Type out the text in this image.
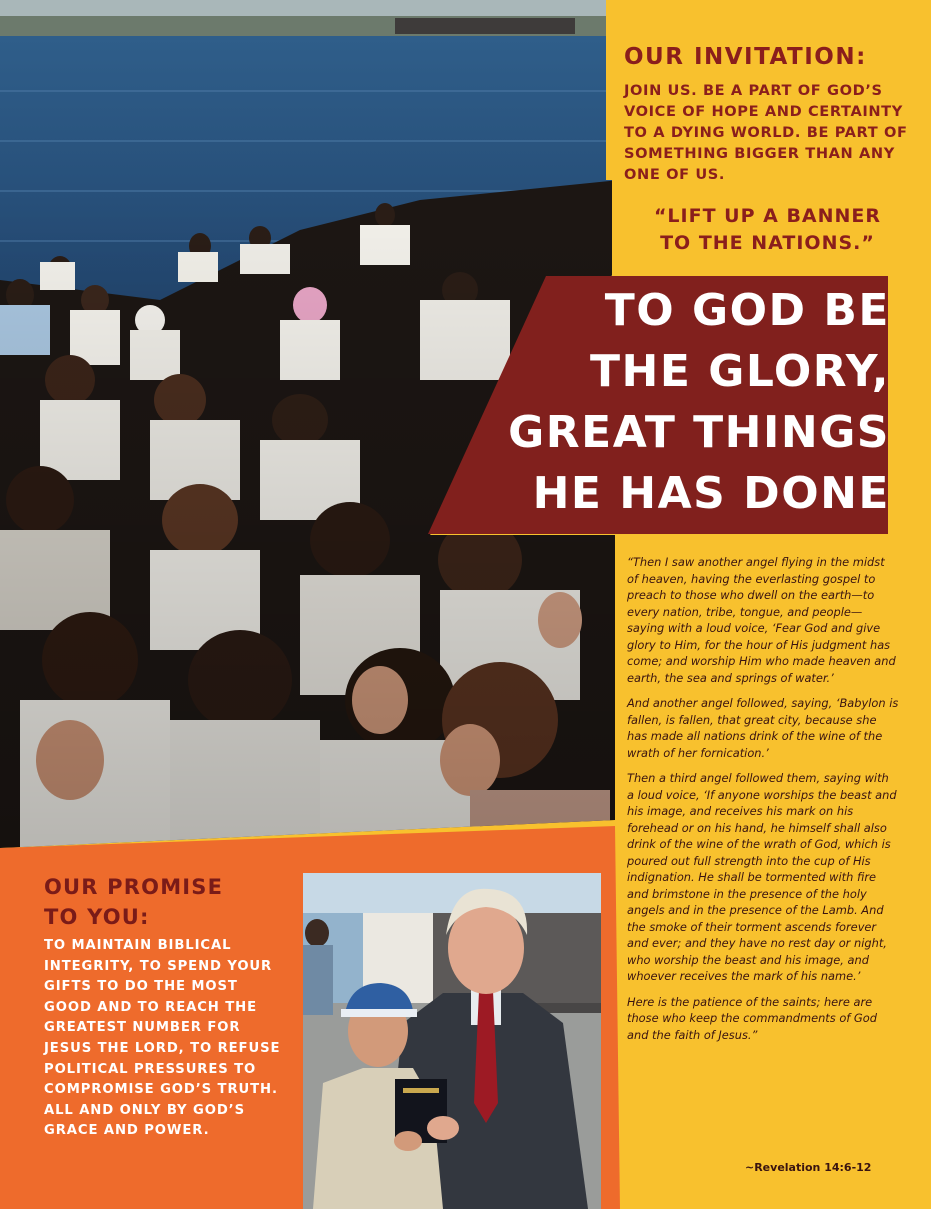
OUR INVITATION:

JOIN US. BE A PART OF GOD’S VOICE OF HOPE AND CERTAINTY TO A DYING WORLD. BE PART OF SOMETHING BIGGER THAN ANY ONE OF US.

“LIFT UP A BANNER
TO THE NATIONS.”

TO GOD BE
THE GLORY,
GREAT THINGS
HE HAS DONE

“Then I saw another angel flying in the midst of heaven, having the everlasting gospel to preach to those who dwell on the earth—to every nation, tribe, tongue, and people— saying with a loud voice, ‘Fear God and give glory to Him, for the hour of His judgment has come; and worship Him who made heaven and earth, the sea and springs of water.’

And another angel followed, saying, ‘Babylon is fallen, is fallen, that great city, because she has made all nations drink of the wine of the wrath of her fornication.’

Then a third angel followed them, saying with a loud voice, ‘If anyone worships the beast and his image, and receives his mark on his forehead or on his hand, he himself shall also drink of the wine of the wrath of God, which is poured out full strength into the cup of His indignation. He shall be tormented with fire and brimstone in the presence of the holy angels and in the presence of the Lamb. And the smoke of their torment ascends forever and ever; and they have no rest day or night, who worship the beast and his image, and whoever receives the mark of his name.’

Here is the patience of the saints; here are those who keep the commandments of God and the faith of Jesus.”

~Revelation 14:6-12
OUR PROMISE
TO YOU:

TO MAINTAIN BIBLICAL INTEGRITY, TO SPEND YOUR GIFTS TO DO THE MOST GOOD AND TO REACH THE GREATEST NUMBER FOR JESUS THE LORD, TO REFUSE POLITICAL PRESSURES TO COMPROMISE GOD’S TRUTH. ALL AND ONLY BY GOD’S GRACE AND POWER.
